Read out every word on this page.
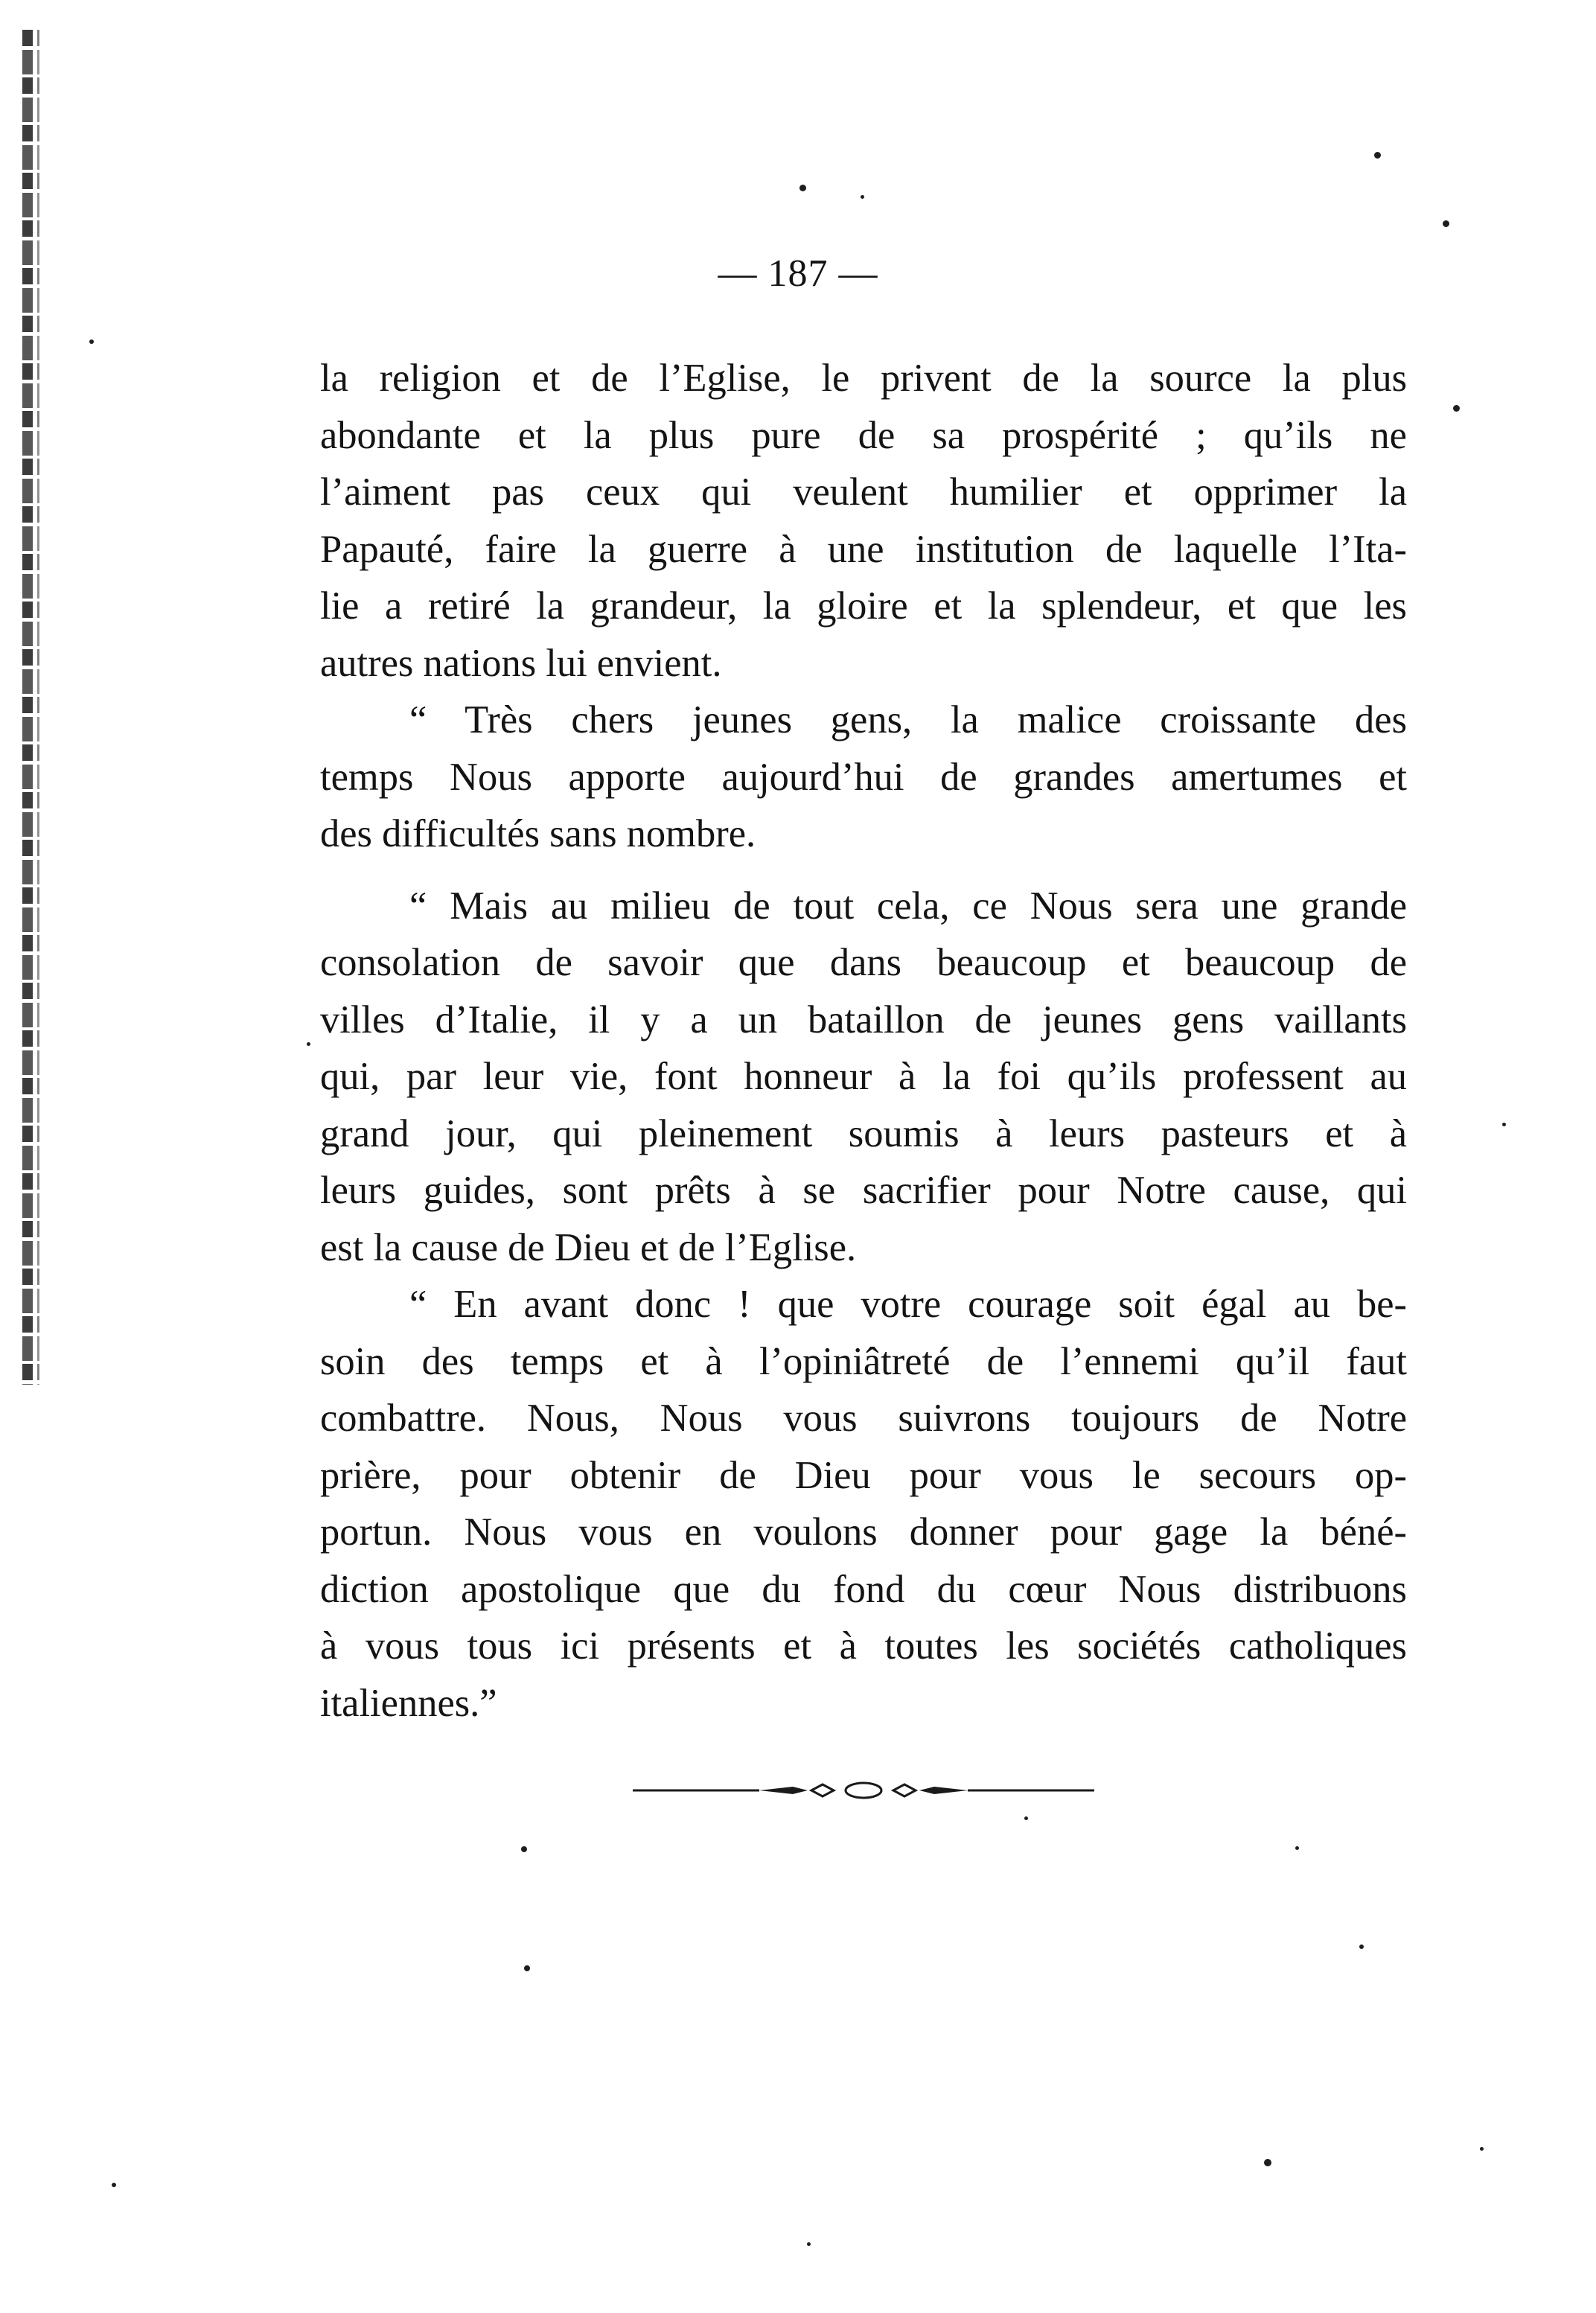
— 187 —
la religion et de l’Eglise, le privent de la source la plus
abondante et la plus pure de sa prospérité ; qu’ils ne
l’aiment pas ceux qui veulent humilier et opprimer la
Papauté, faire la guerre à une institution de laquelle l’Ita-
lie a retiré la grandeur, la gloire et la splendeur, et que les
autres nations lui envient.
“ Très chers jeunes gens, la malice croissante des
temps Nous apporte aujourd’hui de grandes amertumes et
des difficultés sans nombre.
“ Mais au milieu de tout cela, ce Nous sera une grande
consolation de savoir que dans beaucoup et beaucoup de
villes d’Italie, il y a un bataillon de jeunes gens vaillants
qui, par leur vie, font honneur à la foi qu’ils professent au
grand jour, qui pleinement soumis à leurs pasteurs et à
leurs guides, sont prêts à se sacrifier pour Notre cause, qui
est la cause de Dieu et de l’Eglise.
“ En avant donc ! que votre courage soit égal au be-
soin des temps et à l’opiniâtreté de l’ennemi qu’il faut
combattre. Nous, Nous vous suivrons toujours de Notre
prière, pour obtenir de Dieu pour vous le secours op-
portun. Nous vous en voulons donner pour gage la béné-
diction apostolique que du fond du cœur Nous distribuons
à vous tous ici présents et à toutes les sociétés catholiques
italiennes.”
